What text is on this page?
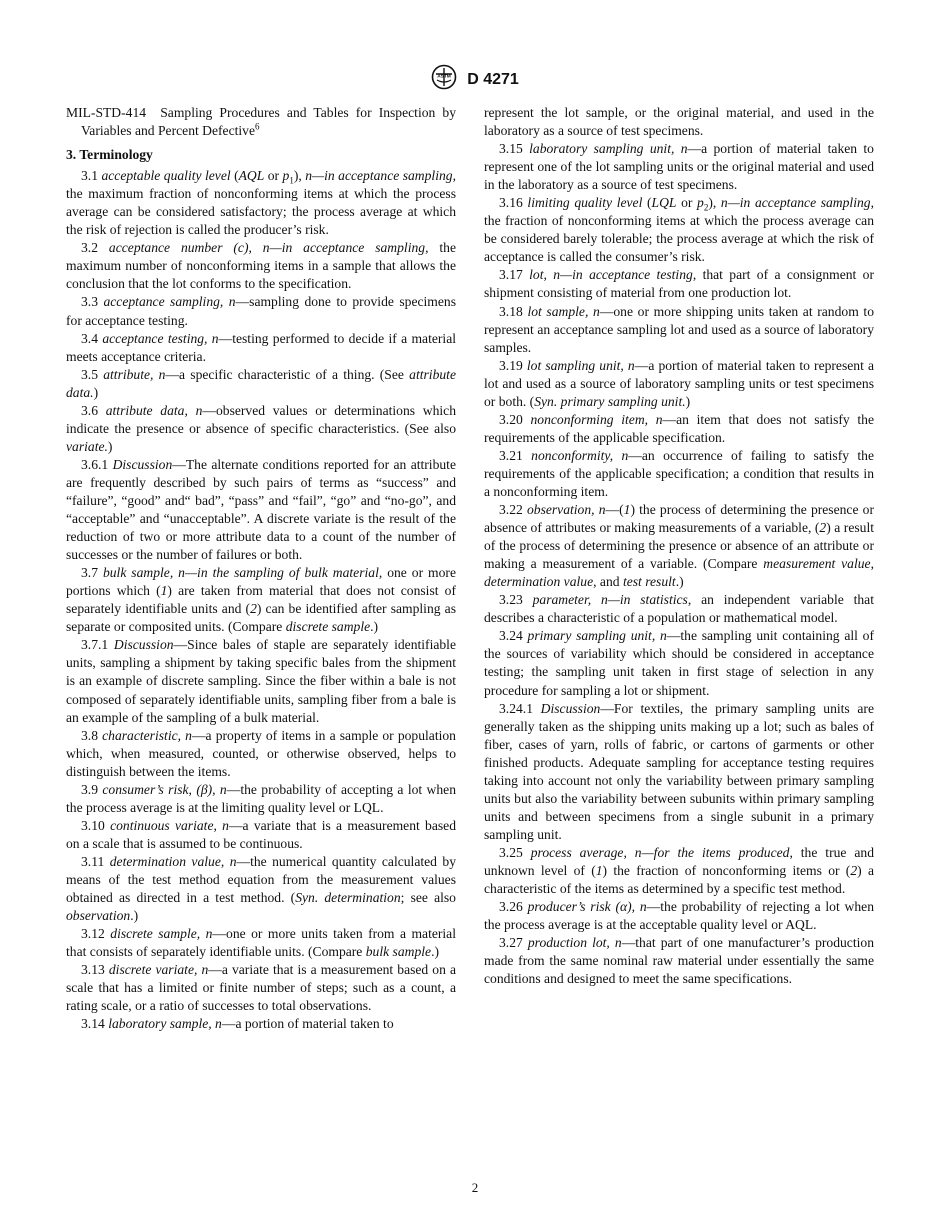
ASTM D 4271

MIL-STD-414 Sampling Procedures and Tables for Inspection by Variables and Percent Defective$^6$

3. Terminology

3.1 acceptable quality level (AQL or $p_1$), n—in acceptance sampling, the maximum fraction of nonconforming items at which the process average can be considered satisfactory; the process average at which the risk of rejection is called the producer’s risk.

3.2 acceptance number (c), n—in acceptance sampling, the maximum number of nonconforming items in a sample that allows the conclusion that the lot conforms to the specification.

3.3 acceptance sampling, n—sampling done to provide specimens for acceptance testing.

3.4 acceptance testing, n—testing performed to decide if a material meets acceptance criteria.

3.5 attribute, n—a specific characteristic of a thing. (See attribute data.)

3.6 attribute data, n—observed values or determinations which indicate the presence or absence of specific characteristics. (See also variate.)

3.6.1 Discussion—The alternate conditions reported for an attribute are frequently described by such pairs of terms as “success” and “failure”, “good” and“ bad”, “pass” and “fail”, “go” and “no-go”, and “acceptable” and “unacceptable”. A discrete variate is the result of the reduction of two or more attribute data to a count of the number of successes or the number of failures or both.

3.7 bulk sample, n—in the sampling of bulk material, one or more portions which (1) are taken from material that does not consist of separately identifiable units and (2) can be identified after sampling as separate or composited units. (Compare discrete sample.)

3.7.1 Discussion—Since bales of staple are separately identifiable units, sampling a shipment by taking specific bales from the shipment is an example of discrete sampling. Since the fiber within a bale is not composed of separately identifiable units, sampling fiber from a bale is an example of the sampling of a bulk material.

3.8 characteristic, n—a property of items in a sample or population which, when measured, counted, or otherwise observed, helps to distinguish between the items.

3.9 consumer’s risk, (β), n—the probability of accepting a lot when the process average is at the limiting quality level or LQL.

3.10 continuous variate, n—a variate that is a measurement based on a scale that is assumed to be continuous.

3.11 determination value, n—the numerical quantity calculated by means of the test method equation from the measurement values obtained as directed in a test method. (Syn. determination; see also observation.)

3.12 discrete sample, n—one or more units taken from a material that consists of separately identifiable units. (Compare bulk sample.)

3.13 discrete variate, n—a variate that is a measurement based on a scale that has a limited or finite number of steps; such as a count, a rating scale, or a ratio of successes to total observations.

3.14 laboratory sample, n—a portion of material taken to

represent the lot sample, or the original material, and used in the laboratory as a source of test specimens.

3.15 laboratory sampling unit, n—a portion of material taken to represent one of the lot sampling units or the original material and used in the laboratory as a source of test specimens.

3.16 limiting quality level (LQL or $p_2$), n—in acceptance sampling, the fraction of nonconforming items at which the process average can be considered barely tolerable; the process average at which the risk of acceptance is called the consumer’s risk.

3.17 lot, n—in acceptance testing, that part of a consignment or shipment consisting of material from one production lot.

3.18 lot sample, n—one or more shipping units taken at random to represent an acceptance sampling lot and used as a source of laboratory samples.

3.19 lot sampling unit, n—a portion of material taken to represent a lot and used as a source of laboratory sampling units or test specimens or both. (Syn. primary sampling unit.)

3.20 nonconforming item, n—an item that does not satisfy the requirements of the applicable specification.

3.21 nonconformity, n—an occurrence of failing to satisfy the requirements of the applicable specification; a condition that results in a nonconforming item.

3.22 observation, n—(1) the process of determining the presence or absence of attributes or making measurements of a variable, (2) a result of the process of determining the presence or absence of an attribute or making a measurement of a variable. (Compare measurement value, determination value, and test result.)

3.23 parameter, n—in statistics, an independent variable that describes a characteristic of a population or mathematical model.

3.24 primary sampling unit, n—the sampling unit containing all of the sources of variability which should be considered in acceptance testing; the sampling unit taken in first stage of selection in any procedure for sampling a lot or shipment.

3.24.1 Discussion—For textiles, the primary sampling units are generally taken as the shipping units making up a lot; such as bales of fiber, cases of yarn, rolls of fabric, or cartons of garments or other finished products. Adequate sampling for acceptance testing requires taking into account not only the variability between primary sampling units but also the variability between subunits within primary sampling units and between specimens from a single subunit in a primary sampling unit.

3.25 process average, n—for the items produced, the true and unknown level of (1) the fraction of nonconforming items or (2) a characteristic of the items as determined by a specific test method.

3.26 producer’s risk (α), n—the probability of rejecting a lot when the process average is at the acceptable quality level or AQL.

3.27 production lot, n—that part of one manufacturer’s production made from the same nominal raw material under essentially the same conditions and designed to meet the same specifications.

2
